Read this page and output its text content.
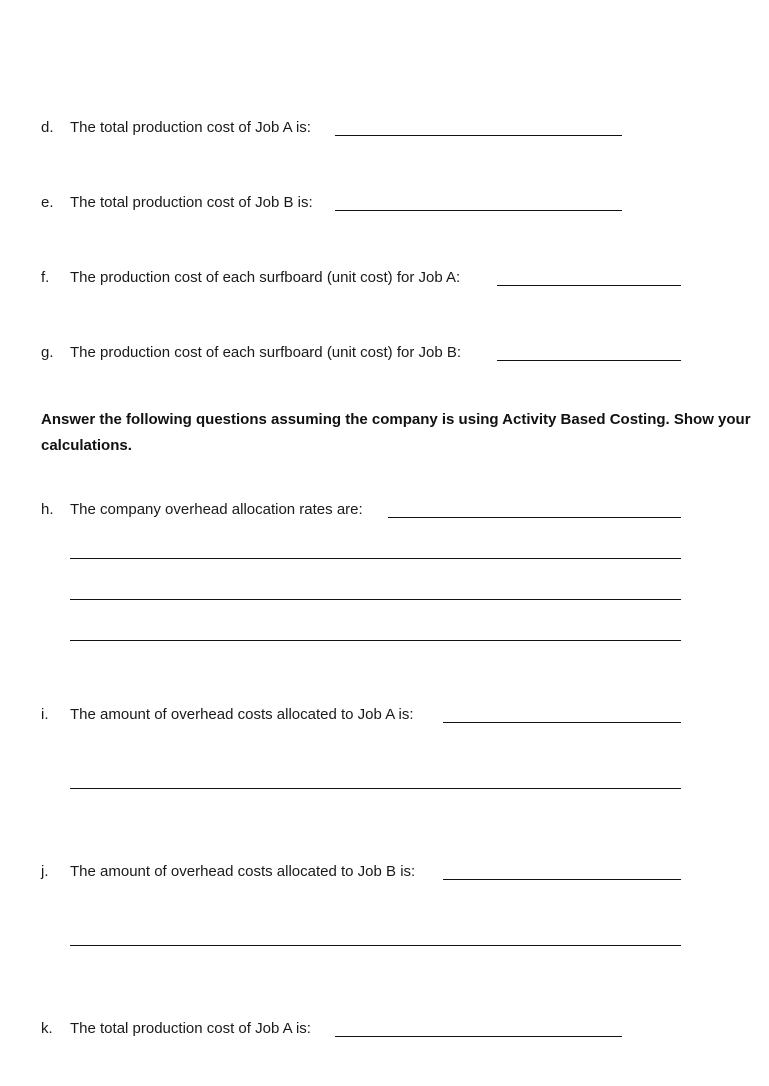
d. The total production cost of Job A is:
e. The total production cost of Job B is:
f. The production cost of each surfboard (unit cost) for Job A:
g. The production cost of each surfboard (unit cost) for Job B:
Answer the following questions assuming the company is using Activity Based Costing. Show your calculations.
h. The company overhead allocation rates are:
i. The amount of overhead costs allocated to Job A is:
j. The amount of overhead costs allocated to Job B is:
k. The total production cost of Job A is:
